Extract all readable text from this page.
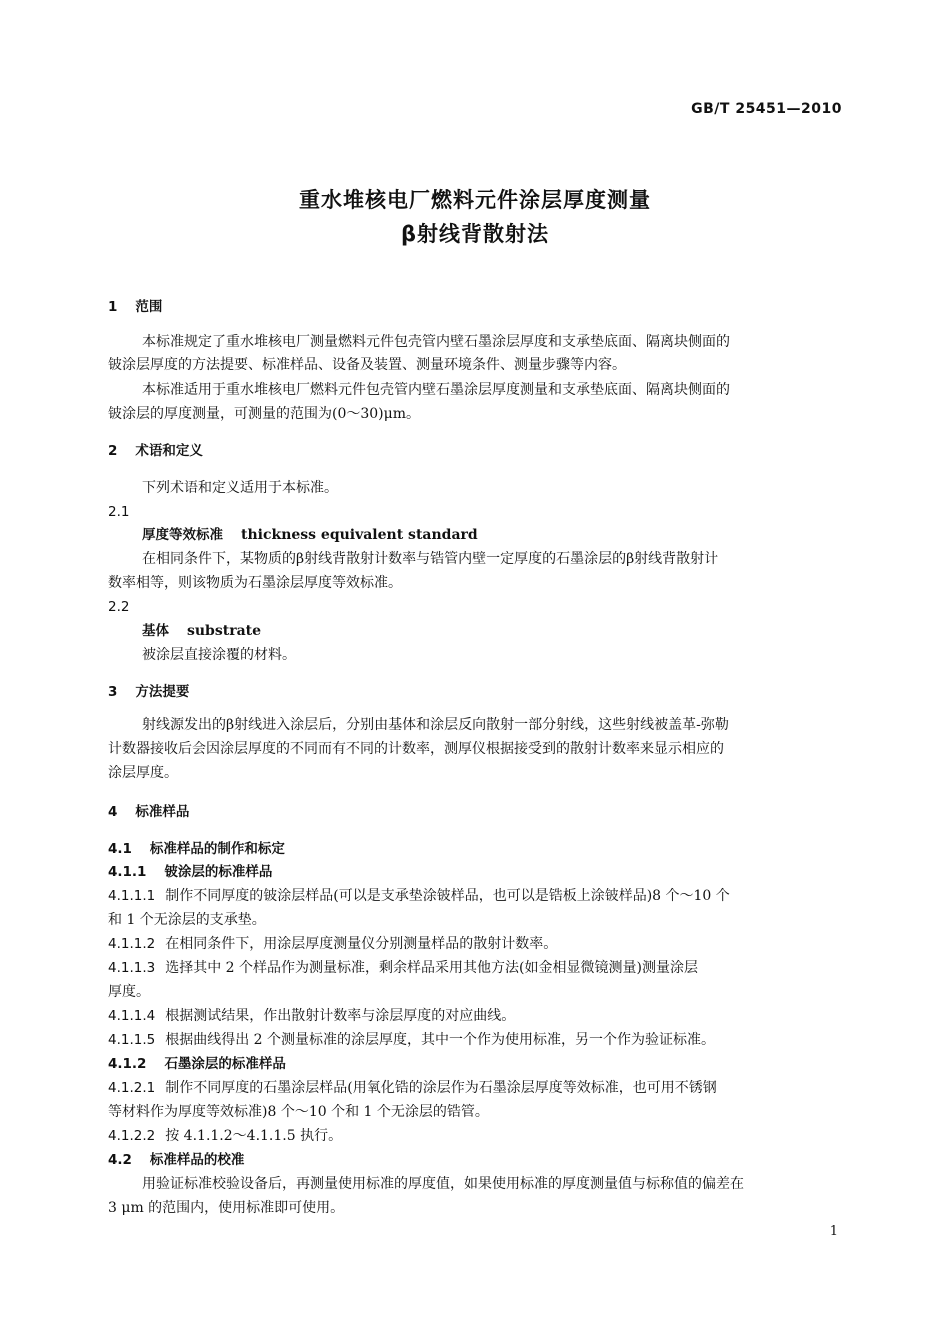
GB/T 25451—2010
重水堆核电厂燃料元件涂层厚度测量
β射线背散射法
1 范围
本标准规定了重水堆核电厂测量燃料元件包壳管内壁石墨涂层厚度和支承垫底面、隔离块侧面的
铍涂层厚度的方法提要、标准样品、设备及装置、测量环境条件、测量步骤等内容。
本标准适用于重水堆核电厂燃料元件包壳管内壁石墨涂层厚度测量和支承垫底面、隔离块侧面的
铍涂层的厚度测量，可测量的范围为(0～30)μm。
2 术语和定义
下列术语和定义适用于本标准。
2.1
厚度等效标准 thickness equivalent standard
在相同条件下，某物质的β射线背散射计数率与锆管内壁一定厚度的石墨涂层的β射线背散射计
数率相等，则该物质为石墨涂层厚度等效标准。
2.2
基体 substrate
被涂层直接涂覆的材料。
3 方法提要
射线源发出的β射线进入涂层后，分别由基体和涂层反向散射一部分射线，这些射线被盖革-弥勒
计数器接收后会因涂层厚度的不同而有不同的计数率，测厚仪根据接受到的散射计数率来显示相应的
涂层厚度。
4 标准样品
4.1 标准样品的制作和标定
4.1.1 铍涂层的标准样品
4.1.1.1 制作不同厚度的铍涂层样品(可以是支承垫涂铍样品，也可以是锆板上涂铍样品)8 个～10 个
和 1 个无涂层的支承垫。
4.1.1.2 在相同条件下，用涂层厚度测量仪分别测量样品的散射计数率。
4.1.1.3 选择其中 2 个样品作为测量标准，剩余样品采用其他方法(如金相显微镜测量)测量涂层
厚度。
4.1.1.4 根据测试结果，作出散射计数率与涂层厚度的对应曲线。
4.1.1.5 根据曲线得出 2 个测量标准的涂层厚度，其中一个作为使用标准，另一个作为验证标准。
4.1.2 石墨涂层的标准样品
4.1.2.1 制作不同厚度的石墨涂层样品(用氧化锆的涂层作为石墨涂层厚度等效标准，也可用不锈钢
等材料作为厚度等效标准)8 个～10 个和 1 个无涂层的锆管。
4.1.2.2 按 4.1.1.2～4.1.1.5 执行。
4.2 标准样品的校准
用验证标准校验设备后，再测量使用标准的厚度值，如果使用标准的厚度测量值与标称值的偏差在
3 μm 的范围内，使用标准即可使用。
1
